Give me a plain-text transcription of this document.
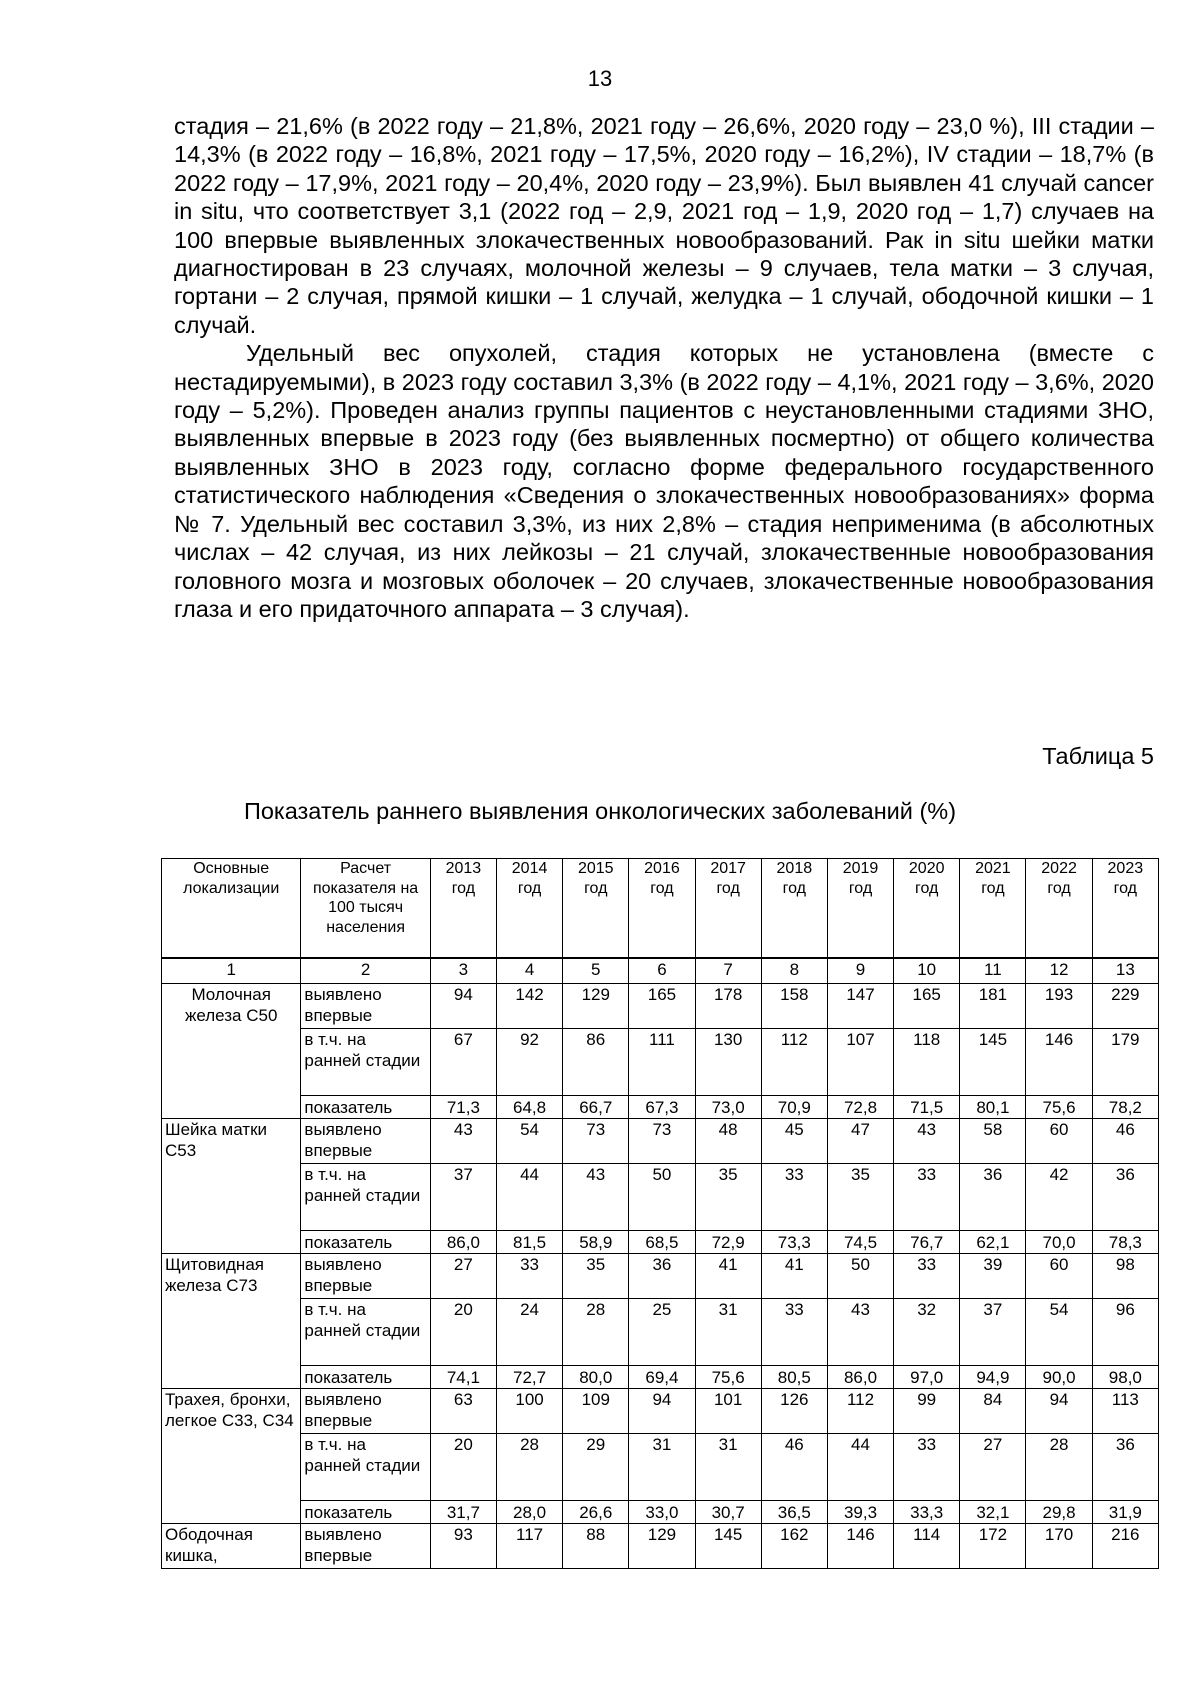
13

стадия – 21,6% (в 2022 году – 21,8%, 2021 году – 26,6%, 2020 году – 23,0 %), III стадии – 14,3% (в 2022 году – 16,8%, 2021 году – 17,5%, 2020 году – 16,2%), IV стадии – 18,7% (в 2022 году – 17,9%, 2021 году – 20,4%, 2020 году – 23,9%). Был выявлен 41 случай cancer in situ, что соответствует 3,1 (2022 год – 2,9, 2021 год – 1,9, 2020 год – 1,7) случаев на 100 впервые выявленных злокачественных новообразований. Рак in situ шейки матки диагностирован в 23 случаях, молочной железы – 9 случаев, тела матки – 3 случая, гортани – 2 случая, прямой кишки – 1 случай, желудка – 1 случай, ободочной кишки – 1 случай.

Удельный вес опухолей, стадия которых не установлена (вместе с нестадируемыми), в 2023 году составил 3,3% (в 2022 году – 4,1%, 2021 году – 3,6%, 2020 году – 5,2%). Проведен анализ группы пациентов с неустановленными стадиями ЗНО, выявленных впервые в 2023 году (без выявленных посмертно) от общего количества выявленных ЗНО в 2023 году, согласно форме федерального государственного статистического наблюдения «Сведения о злокачественных новообразованиях» форма № 7. Удельный вес составил 3,3%, из них 2,8% – стадия неприменима (в абсолютных числах – 42 случая, из них лейкозы – 21 случай, злокачественные новообразования головного мозга и мозговых оболочек – 20 случаев, злокачественные новообразования глаза и его придаточного аппарата – 3 случая).

Таблица 5
Показатель раннего выявления онкологических заболеваний (%)
Основные локализации	Расчет показателя на 100 тысяч населения	2013 год	2014 год	2015 год	2016 год	2017 год	2018 год	2019 год	2020 год	2021 год	2022 год	2023 год
1	2	3	4	5	6	7	8	9	10	11	12	13
Молочная железа С50	выявлено впервые	94	142	129	165	178	158	147	165	181	193	229
	в т.ч. на ранней стадии	67	92	86	111	130	112	107	118	145	146	179
	показатель	71,3	64,8	66,7	67,3	73,0	70,9	72,8	71,5	80,1	75,6	78,2
Шейка матки С53	выявлено впервые	43	54	73	73	48	45	47	43	58	60	46
	в т.ч. на ранней стадии	37	44	43	50	35	33	35	33	36	42	36
	показатель	86,0	81,5	58,9	68,5	72,9	73,3	74,5	76,7	62,1	70,0	78,3
Щитовидная железа С73	выявлено впервые	27	33	35	36	41	41	50	33	39	60	98
	в т.ч. на ранней стадии	20	24	28	25	31	33	43	32	37	54	96
	показатель	74,1	72,7	80,0	69,4	75,6	80,5	86,0	97,0	94,9	90,0	98,0
Трахея, бронхи, легкое С33, С34	выявлено впервые	63	100	109	94	101	126	112	99	84	94	113
	в т.ч. на ранней стадии	20	28	29	31	31	46	44	33	27	28	36
	показатель	31,7	28,0	26,6	33,0	30,7	36,5	39,3	33,3	32,1	29,8	31,9
Ободочная кишка,	выявлено впервые	93	117	88	129	145	162	146	114	172	170	216
